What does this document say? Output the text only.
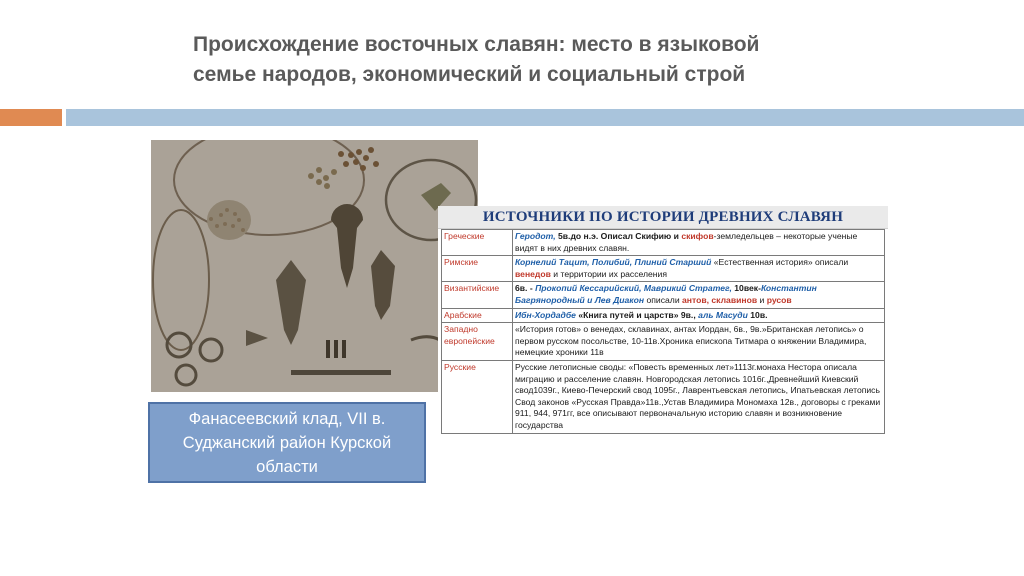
Происхождение восточных славян: место в языковой
семье народов, экономический и социальный строй
Фанасеевский клад, VII в.
Суджанский район Курской
области
ИСТОЧНИКИ ПО ИСТОРИИ ДРЕВНИХ СЛАВЯН
Греческие	Геродот, 5в.до н.э. Описал Скифию и скифов-земледельцев – некоторые ученые видят в них древних славян.
Римские	Корнелий Тацит, Полибий, Плиний Старший «Естественная история» описали венедов и территории их расселения
Византийские	6в. - Прокопий Кессарийский, Маврикий Стратег, 10век-Константин Багрянородный и Лев Диакон описали антов, склавинов и русов
Арабские	Ибн-Хордадбе «Книга путей и царств» 9в., аль Масуди 10в.
Западно европейские	«История готов» о венедах, склавинах, антах Иордан, 6в., 9в.»Британская летопись» о первом русском посольстве, 10-11в.Хроника епископа Титмара о княжении Владимира, немецкие хроники 11в
Русские	Русские летописные своды: «Повесть временных лет»1113г.монаха Нестора описала миграцию и расселение славян. Новгородская летопись 1016г.,Древнейший Киевский свод1039г., Киево-Печерский свод 1095г., Лаврентьевская летопись, Ипатьевская летопись Свод законов «Русская Правда»11в.,Устав Владимира Мономаха 12в., договоры с греками 911, 944, 971гг, все описывают первоначальную историю славян и возникновение государства
